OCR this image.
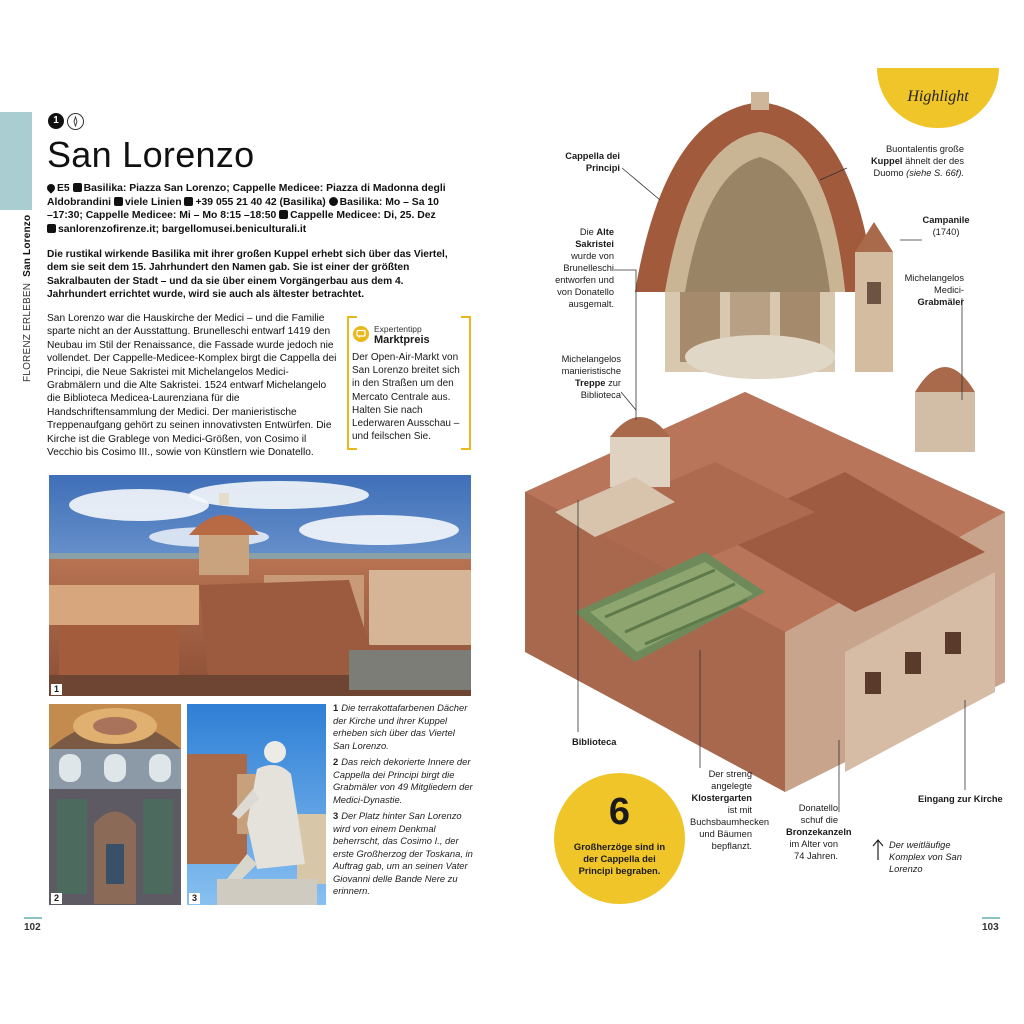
FLORENZ ERLEBEN  San Lorenzo
1
San Lorenzo
E5 Basilika: Piazza San Lorenzo; Cappelle Medicee: Piazza di Madonna degli Aldobrandini viele Linien +39 055 21 40 42 (Basilika) Basilika: Mo – Sa 10 –17:30; Cappelle Medicee: Mi – Mo 8:15 –18:50 Cappelle Medicee: Di, 25. Dez sanlorenzofirenze.it; bargellomusei.beniculturali.it
Die rustikal wirkende Basilika mit ihrer großen Kuppel erhebt sich über das Viertel, dem sie seit dem 15. Jahrhundert den Namen gab. Sie ist einer der größten Sakralbauten der Stadt – und da sie über einem Vorgängerbau aus dem 4. Jahrhundert errichtet wurde, wird sie auch als ältester betrachtet.
San Lorenzo war die Hauskirche der Medici – und die Familie sparte nicht an der Ausstattung. Brunelleschi entwarf 1419 den Neubau im Stil der Renaissance, die Fassade wurde jedoch nie vollendet. Der Cappelle-Medicee-Komplex birgt die Cappella dei Principi, die Neue Sakristei mit Michelangelos Medici-Grabmälern und die Alte Sakristei. 1524 entwarf Michelangelo die Biblioteca Medicea-Laurenziana für die Handschriftensammlung der Medici. Der manieristische Treppenaufgang gehört zu seinen innovativsten Entwürfen. Die Kirche ist die Grablege von Medici-Größen, von Cosimo il Vecchio bis Cosimo III., sowie von Künstlern wie Donatello.
Expertentipp
Marktpreis
Der Open-Air-Markt von San Lorenzo breitet sich in den Straßen um den Mercato Centrale aus. Halten Sie nach Lederwaren Ausschau – und feilschen Sie.
1
2	3

1 Die terrakottafarbenen Dächer der Kirche und ihrer Kuppel erheben sich über das Viertel San Lorenzo.

2 Das reich dekorierte Innere der Cappella dei Principi birgt die Grabmäler von 49 Mitgliedern der Medici-Dynastie.

3 Der Platz hinter San Lorenzo wird von einem Denkmal beherrscht, das Cosimo I., der erste Großherzog der Toskana, in Auftrag gab, um an seinen Vater Giovanni delle Bande Nere zu erinnern.

102	103
Highlight
Cappella dei Principi
Die Alte Sakristei wurde von Brunelleschi entworfen und von Donatello ausgemalt.
Michelangelos manieristische Treppe zur Biblioteca
Biblioteca
Buontalentis große Kuppel ähnelt der des Duomo (siehe S. 66f).
Campanile
(1740)
Michelangelos Medici-Grabmäler
Der streng angelegte Klostergarten ist mit Buchsbaumhecken und Bäumen bepflanzt.
Donatello schuf die Bronzekanzeln im Alter von 74 Jahren.
Eingang zur Kirche
Der weitläufige Komplex von San Lorenzo
6
Großherzöge sind in der Cappella dei Principi begraben.
